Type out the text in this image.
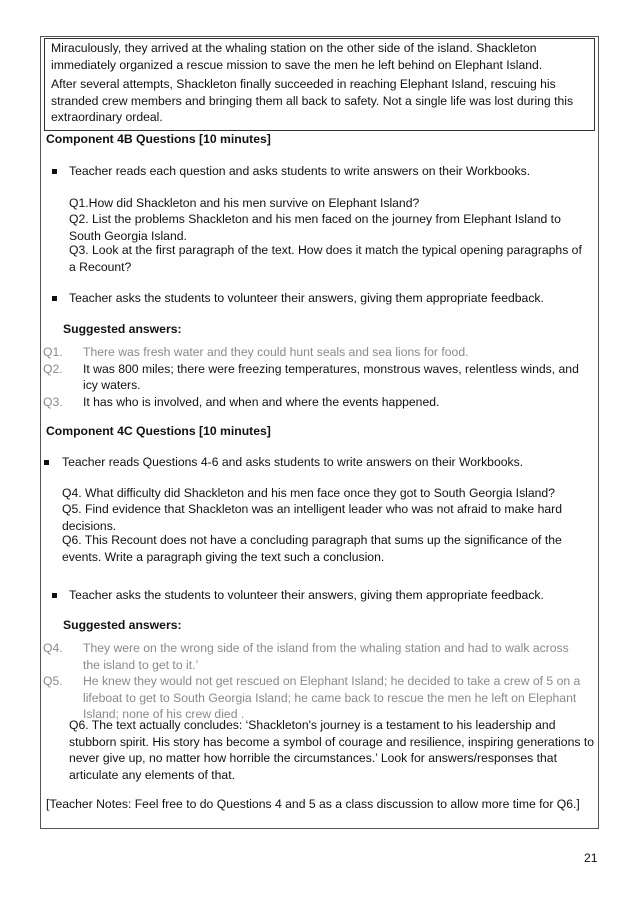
Miraculously, they arrived at the whaling station on the other side of the island. Shackleton immediately organized a rescue mission to save the men he left behind on Elephant Island.

After several attempts, Shackleton finally succeeded in reaching Elephant Island, rescuing his stranded crew members and bringing them all back to safety. Not a single life was lost during this extraordinary ordeal.

Component 4B Questions [10 minutes]

Teacher reads each question and asks students to write answers on their Workbooks.

Q1.How did Shackleton and his men survive on Elephant Island?

Q2. List the problems Shackleton and his men faced on the journey from Elephant Island to South Georgia Island.

Q3. Look at the first paragraph of the text. How does it match the typical opening paragraphs of a Recount?

Teacher asks the students to volunteer their answers, giving them appropriate feedback.

Suggested answers:

Q1. There was fresh water and they could hunt seals and sea lions for food.

Q2. It was 800 miles; there were freezing temperatures, monstrous waves, relentless winds, and icy waters.

Q3. It has who is involved, and when and where the events happened.

Component 4C Questions [10 minutes]

Teacher reads Questions 4-6 and asks students to write answers on their Workbooks.

Q4. What difficulty did Shackleton and his men face once they got to South Georgia Island?

Q5. Find evidence that Shackleton was an intelligent leader who was not afraid to make hard decisions.

Q6. This Recount does not have a concluding paragraph that sums up the significance of the events. Write a paragraph giving the text such a conclusion.

Teacher asks the students to volunteer their answers, giving them appropriate feedback.

Suggested answers:

Q4. They were on the wrong side of the island from the whaling station and had to walk across the island to get to it.’

Q5. He knew they would not get rescued on Elephant Island; he decided to take a crew of 5 on a lifeboat to get to South Georgia Island; he came back to rescue the men he left on Elephant Island; none of his crew died .

Q6. The text actually concludes: ‘Shackleton's journey is a testament to his leadership and stubborn spirit. His story has become a symbol of courage and resilience, inspiring generations to never give up, no matter how horrible the circumstances.’ Look for answers/responses that articulate any elements of that.

[Teacher Notes: Feel free to do Questions 4 and 5 as a class discussion to allow more time for Q6.]

21
